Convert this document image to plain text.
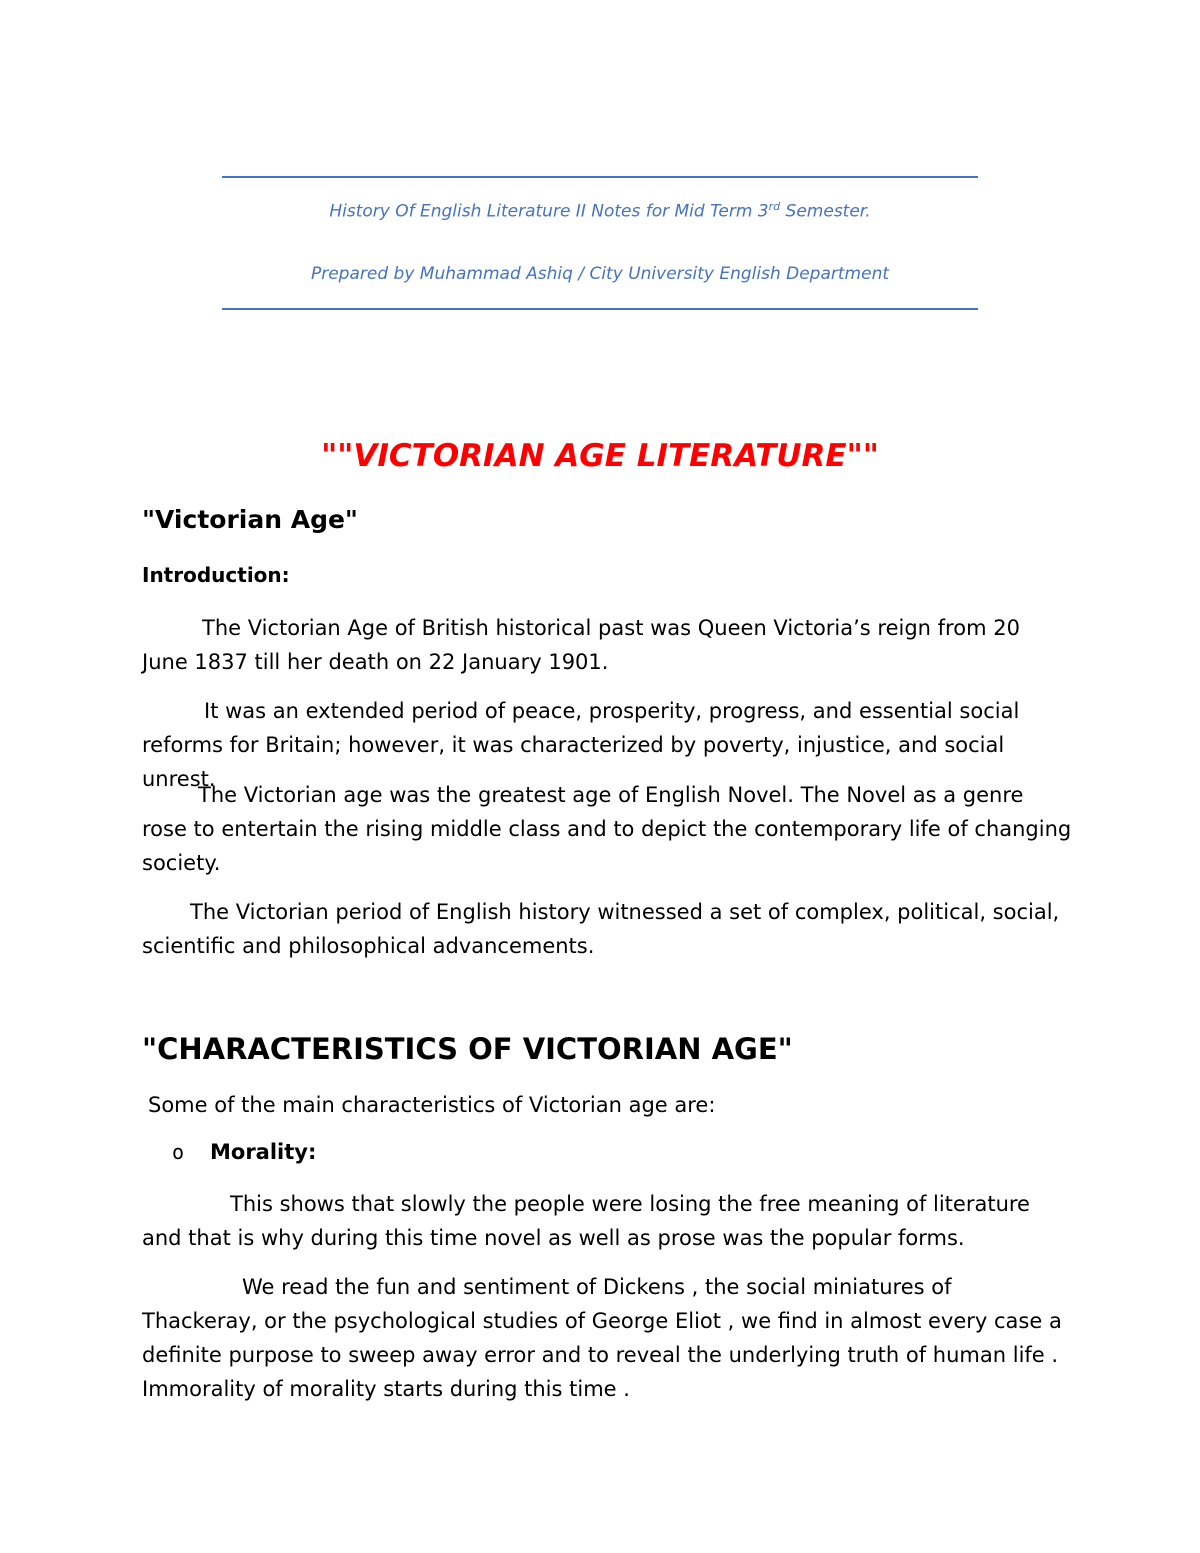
History Of English Literature II Notes for Mid Term 3rd Semester.
Prepared by Muhammad Ashiq / City University English Department
""VICTORIAN AGE LITERATURE""
"Victorian Age"
Introduction:
The Victorian Age of British historical past was Queen Victoria’s reign from 20 June 1837 till her death on 22 January 1901.
It was an extended period of peace, prosperity, progress, and essential social reforms for Britain; however, it was characterized by poverty, injustice, and social unrest.
The Victorian age was the greatest age of English Novel. The Novel as a genre rose to entertain the rising middle class and to depict the contemporary life of changing society.
The Victorian period of English history witnessed a set of complex, political, social, scientific and philosophical advancements.
"CHARACTERISTICS OF VICTORIAN AGE"
Some of the main characteristics of Victorian age are:
o Morality:
This shows that slowly the people were losing the free meaning of literature and that is why during this time novel as well as prose was the popular forms.
We read the fun and sentiment of Dickens , the social miniatures of Thackeray, or the psychological studies of George Eliot , we find in almost every case a definite purpose to sweep away error and to reveal the underlying truth of human life . Immorality of morality starts during this time .
